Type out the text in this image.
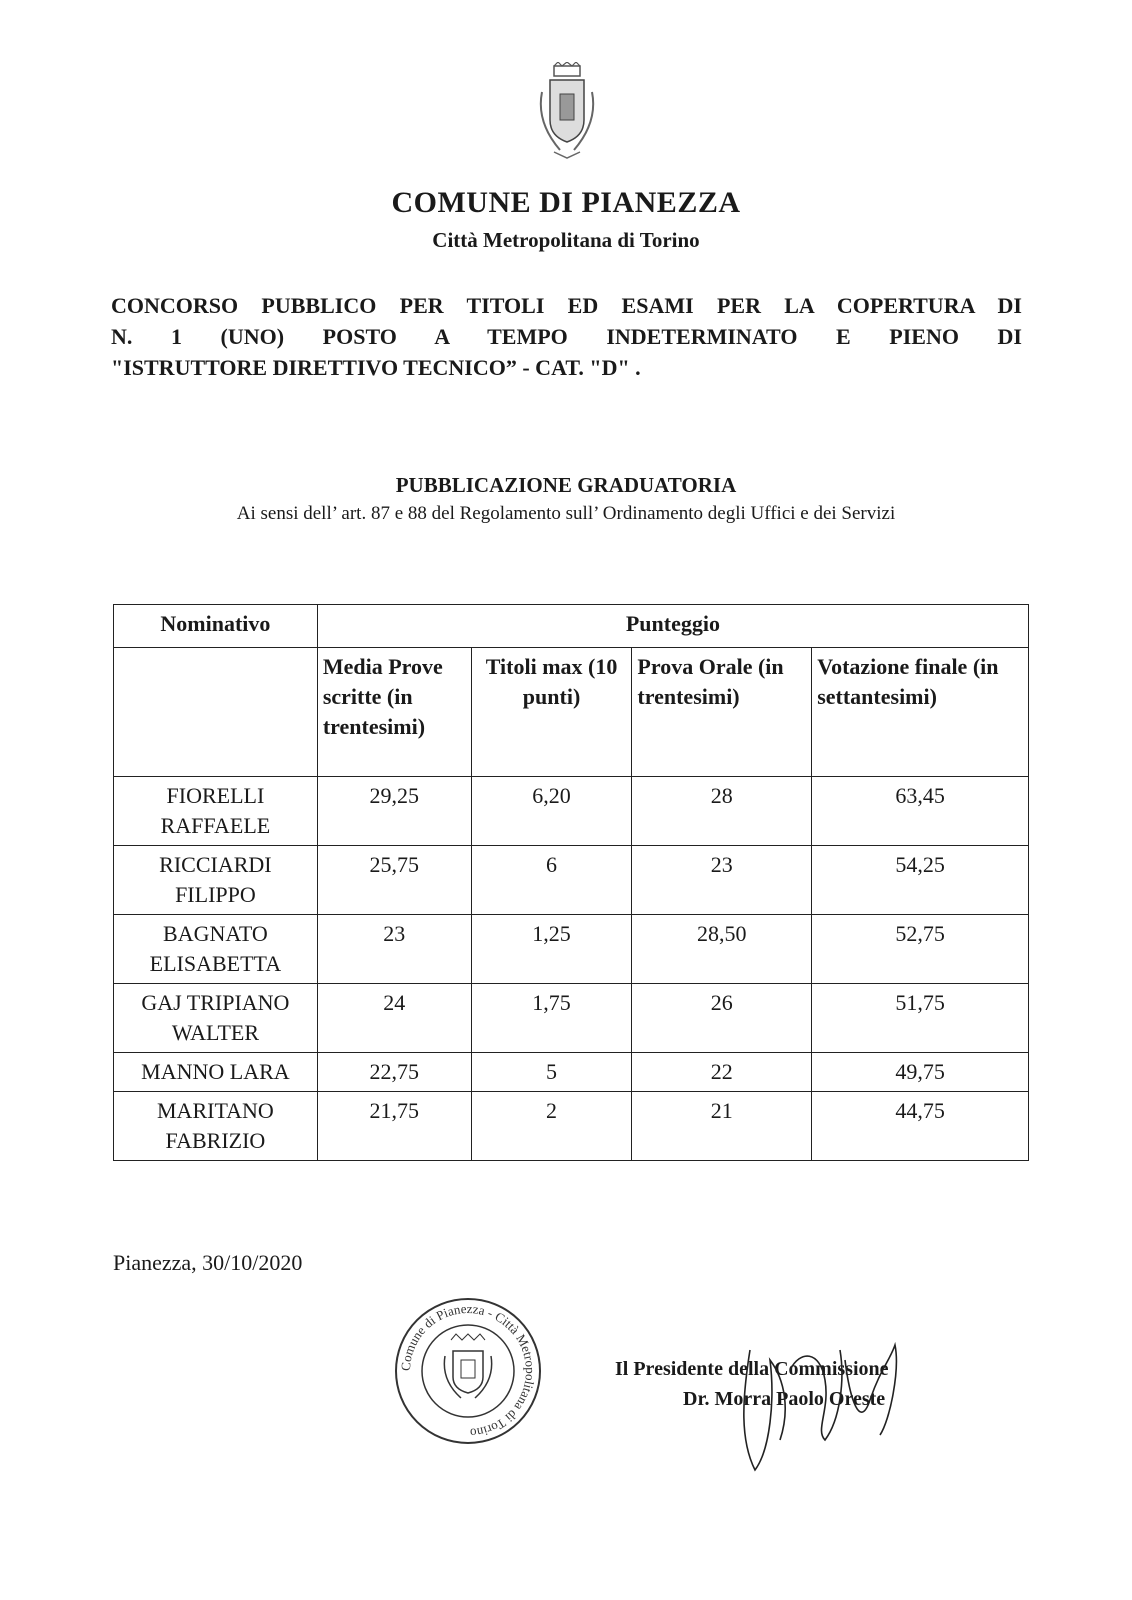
COMUNE DI PIANEZZA
Città Metropolitana di Torino
CONCORSO PUBBLICO PER TITOLI ED ESAMI PER LA COPERTURA DI
N. 1 (UNO) POSTO A TEMPO INDETERMINATO E PIENO DI
"ISTRUTTORE DIRETTIVO TECNICO” - CAT. "D" .
PUBBLICAZIONE GRADUATORIA
Ai sensi dell’ art. 87 e 88 del Regolamento sull’ Ordinamento degli Uffici e dei Servizi
Nominativo	Punteggio			
	Media Prove scritte (in trentesimi)	Titoli max (10 punti)	Prova Orale (in trentesimi)	Votazione finale (in settantesimi)
FIORELLI RAFFAELE	29,25	6,20	28	63,45
RICCIARDI FILIPPO	25,75	6	23	54,25
BAGNATO ELISABETTA	23	1,25	28,50	52,75
GAJ TRIPIANO WALTER	24	1,75	26	51,75
MANNO LARA	22,75	5	22	49,75
MARITANO FABRIZIO	21,75	2	21	44,75
Pianezza, 30/10/2020
Comune di Pianezza - Città Metropolitana di Torino
Il Presidente della Commissione
Dr. Morra Paolo Oreste
